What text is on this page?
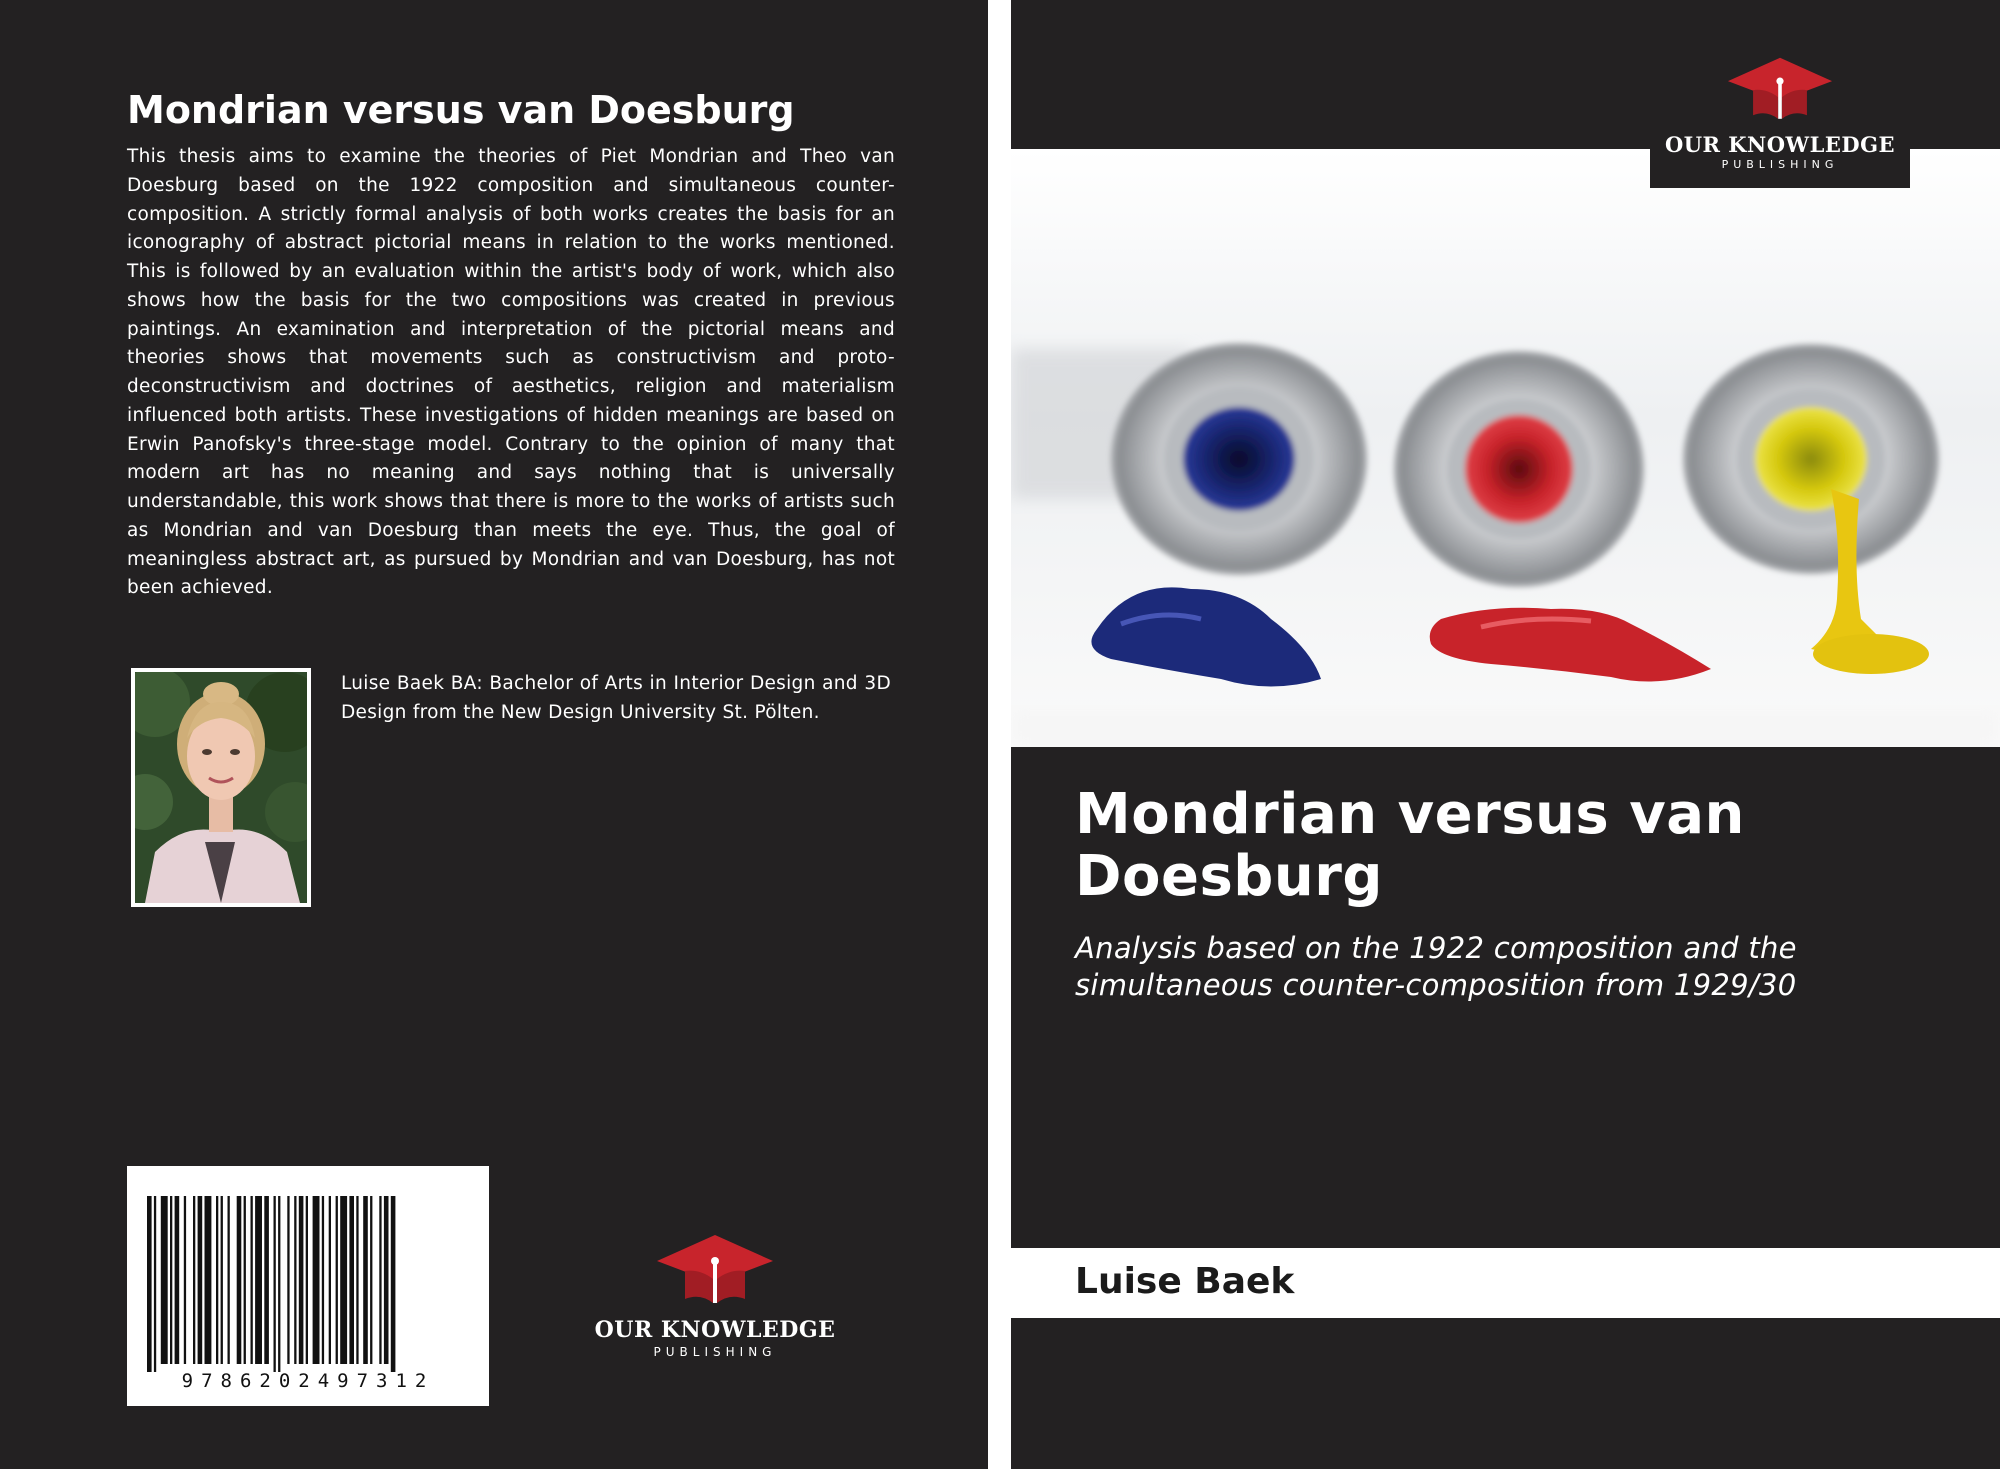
Mondrian versus van Doesburg

This thesis aims to examine the theories of Piet Mondrian and Theo van Doesburg based on the 1922 composition and simultaneous counter-composition. A strictly formal analysis of both works creates the basis for an iconography of abstract pictorial means in relation to the works mentioned. This is followed by an evaluation within the artist's body of work, which also shows how the basis for the two compositions was created in previous paintings. An examination and interpretation of the pictorial means and theories shows that movements such as constructivism and proto-deconstructivism and doctrines of aesthetics, religion and materialism influenced both artists. These investigations of hidden meanings are based on Erwin Panofsky's three-stage model. Contrary to the opinion of many that modern art has no meaning and says nothing that is universally understandable, this work shows that there is more to the works of artists such as Mondrian and van Doesburg than meets the eye. Thus, the goal of meaningless abstract art, as pursued by Mondrian and van Doesburg, has not been achieved.

Luise Baek BA: Bachelor of Arts in Interior Design and 3D Design from the New Design University St. Pölten.

9786202497312
OUR KNOWLEDGE
PUBLISHING
OUR KNOWLEDGE
PUBLISHING
Mondrian versus van Doesburg
Analysis based on the 1922 composition and the simultaneous counter-composition from 1929/30
Luise Baek
